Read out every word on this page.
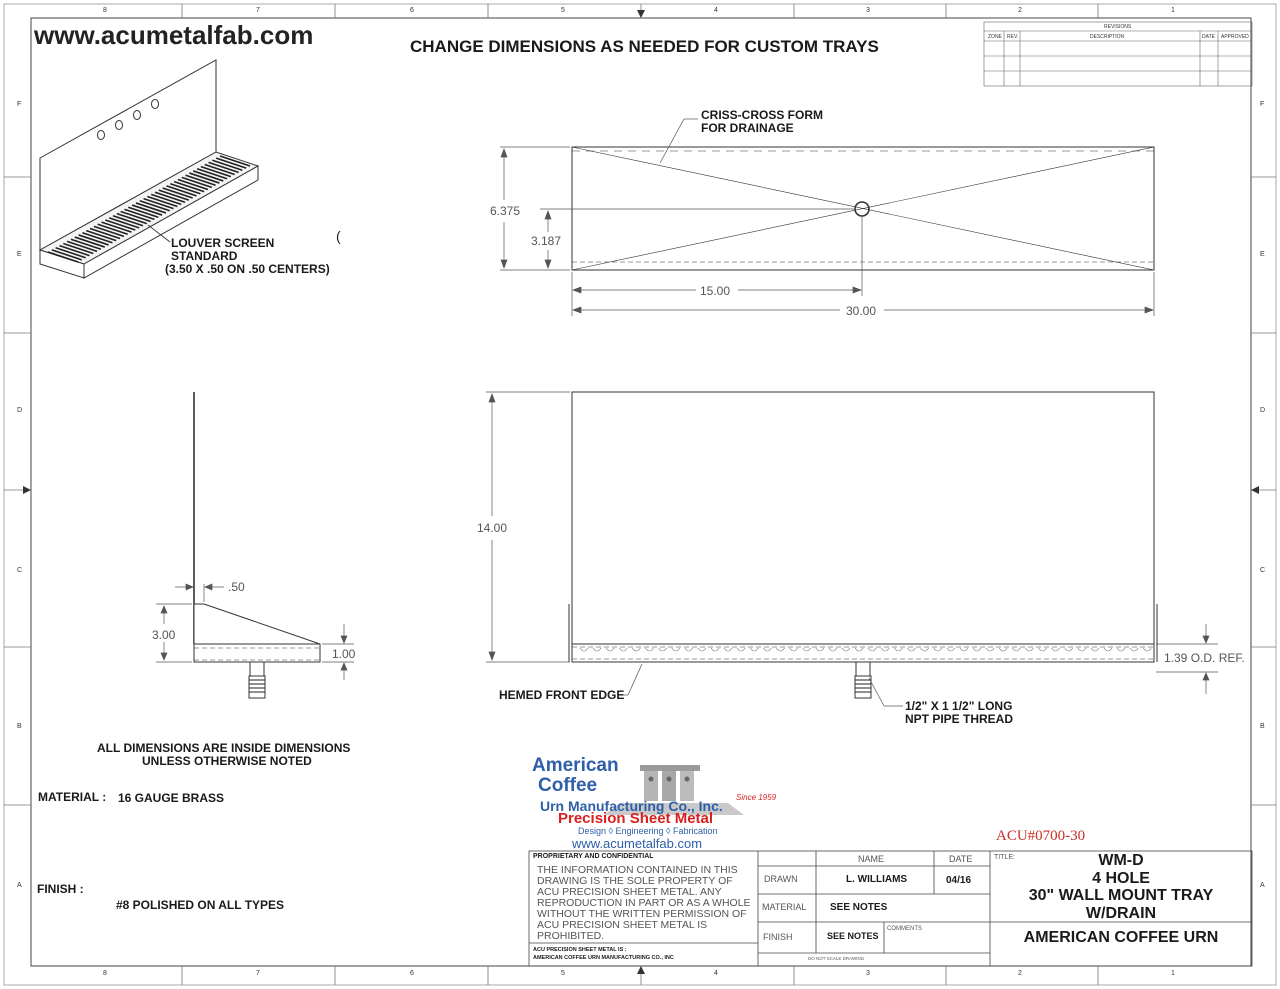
www.acumetalfab.com	CHANGE DIMENSIONS AS NEEDED FOR CUSTOM TRAYS
REVISIONS
ZONE REV.	DESCRIPTION	DATE APPROVED
8	7	6	5	4	3	2	1
8	7	6	5	4	3	2	1
F
E
D
C
B
A
F
E
D
C
B
A
LOUVER SCREEN
STANDARD
(3.50 X .50 ON .50 CENTERS)
(
CRISS-CROSS FORM
FOR DRAINAGE
HEMED FRONT EDGE
1/2" X 1 1/2" LONG
NPT PIPE THREAD
ALL DIMENSIONS ARE INSIDE DIMENSIONS
UNLESS OTHERWISE NOTED
MATERIAL : 16 GAUGE BRASS
FINISH :
#8 POLISHED ON ALL TYPES
6.375
3.187
15.00
30.00
14.00
.50
3.00
1.00	1.39 O.D. REF.
American
Coffee
Urn Manufacturing Co., Inc.
Since 1959
Precision Sheet Metal
Design ◊ Engineering ◊ Fabrication
www.acumetalfab.com	ACU#0700-30
PROPRIETARY AND CONFIDENTIAL
THE INFORMATION CONTAINED IN THIS
DRAWING IS THE SOLE PROPERTY OF
ACU PRECISION SHEET METAL. ANY
REPRODUCTION IN PART OR AS A WHOLE
WITHOUT THE WRITTEN PERMISSION OF
ACU PRECISION SHEET METAL IS
PROHIBITED.
ACU PRECISION SHEET METAL IS :
AMERICAN COFFEE URN MANUFACTURING CO., INC
NAME	DATE
DRAWN	L. WILLIAMS	04/16
MATERIAL SEE NOTES
FINISH	SEE NOTES
COMMENTS
DO NOT SCALE DRAWING
TITLE:	WM-D
4 HOLE
30" WALL MOUNT TRAY
W/DRAIN
AMERICAN COFFEE URN
